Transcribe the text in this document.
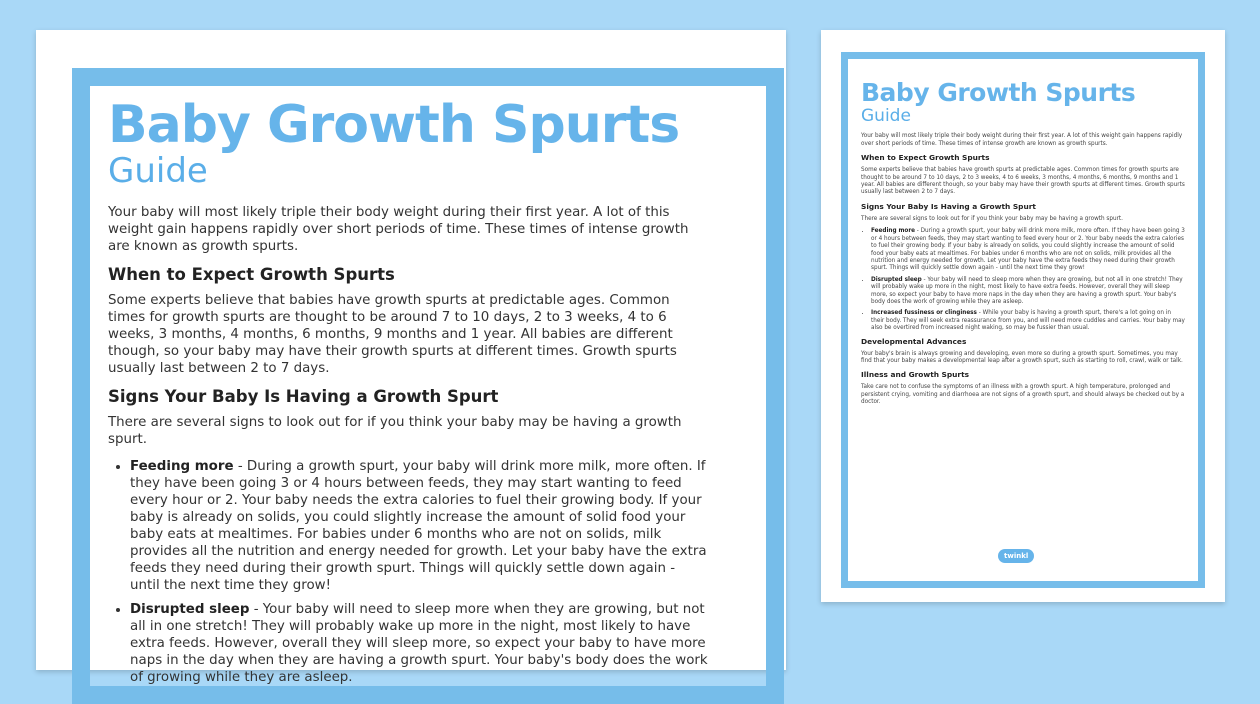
Baby Growth Spurts
Guide

Your baby will most likely triple their body weight during their first year. A lot of this weight gain happens rapidly over short periods of time. These times of intense growth are known as growth spurts.

When to Expect Growth Spurts

Some experts believe that babies have growth spurts at predictable ages. Common times for growth spurts are thought to be around 7 to 10 days, 2 to 3 weeks, 4 to 6 weeks, 3 months, 4 months, 6 months, 9 months and 1 year. All babies are different though, so your baby may have their growth spurts at different times. Growth spurts usually last between 2 to 7 days.

Signs Your Baby Is Having a Growth Spurt

There are several signs to look out for if you think your baby may be having a growth spurt.

• Feeding more - During a growth spurt, your baby will drink more milk, more often. If they have been going 3 or 4 hours between feeds, they may start wanting to feed every hour or 2. Your baby needs the extra calories to fuel their growing body. If your baby is already on solids, you could slightly increase the amount of solid food your baby eats at mealtimes. For babies under 6 months who are not on solids, milk provides all the nutrition and energy needed for growth. Let your baby have the extra feeds they need during their growth spurt. Things will quickly settle down again - until the next time they grow!
• Disrupted sleep - Your baby will need to sleep more when they are growing, but not all in one stretch! They will probably wake up more in the night, most likely to have extra feeds. However, overall they will sleep more, so expect your baby to have more naps in the day when they are having a growth spurt. Your baby's body does the work of growing while they are asleep.
Baby Growth Spurts
Guide

Your baby will most likely triple their body weight during their first year. A lot of this weight gain happens rapidly over short periods of time. These times of intense growth are known as growth spurts.

When to Expect Growth Spurts

Some experts believe that babies have growth spurts at predictable ages. Common times for growth spurts are thought to be around 7 to 10 days, 2 to 3 weeks, 4 to 6 weeks, 3 months, 4 months, 6 months, 9 months and 1 year. All babies are different though, so your baby may have their growth spurts at different times. Growth spurts usually last between 2 to 7 days.

Signs Your Baby Is Having a Growth Spurt

There are several signs to look out for if you think your baby may be having a growth spurt.

• Feeding more - During a growth spurt, your baby will drink more milk, more often. If they have been going 3 or 4 hours between feeds, they may start wanting to feed every hour or 2. Your baby needs the extra calories to fuel their growing body. If your baby is already on solids, you could slightly increase the amount of solid food your baby eats at mealtimes. For babies under 6 months who are not on solids, milk provides all the nutrition and energy needed for growth. Let your baby have the extra feeds they need during their growth spurt. Things will quickly settle down again - until the next time they grow!
• Disrupted sleep - Your baby will need to sleep more when they are growing, but not all in one stretch! They will probably wake up more in the night, most likely to have extra feeds. However, overall they will sleep more, so expect your baby to have more naps in the day when they are having a growth spurt. Your baby's body does the work of growing while they are asleep.
• Increased fussiness or clinginess - While your baby is having a growth spurt, there's a lot going on in their body. They will seek extra reassurance from you, and will need more cuddles and carries. Your baby may also be overtired from increased night waking, so may be fussier than usual.
Developmental Advances

Your baby's brain is always growing and developing, even more so during a growth spurt. Sometimes, you may find that your baby makes a developmental leap after a growth spurt, such as starting to roll, crawl, walk or talk.

Illness and Growth Spurts

Take care not to confuse the symptoms of an illness with a growth spurt. A high temperature, prolonged and persistent crying, vomiting and diarrhoea are not signs of a growth spurt, and should always be checked out by a doctor.

twinkl
